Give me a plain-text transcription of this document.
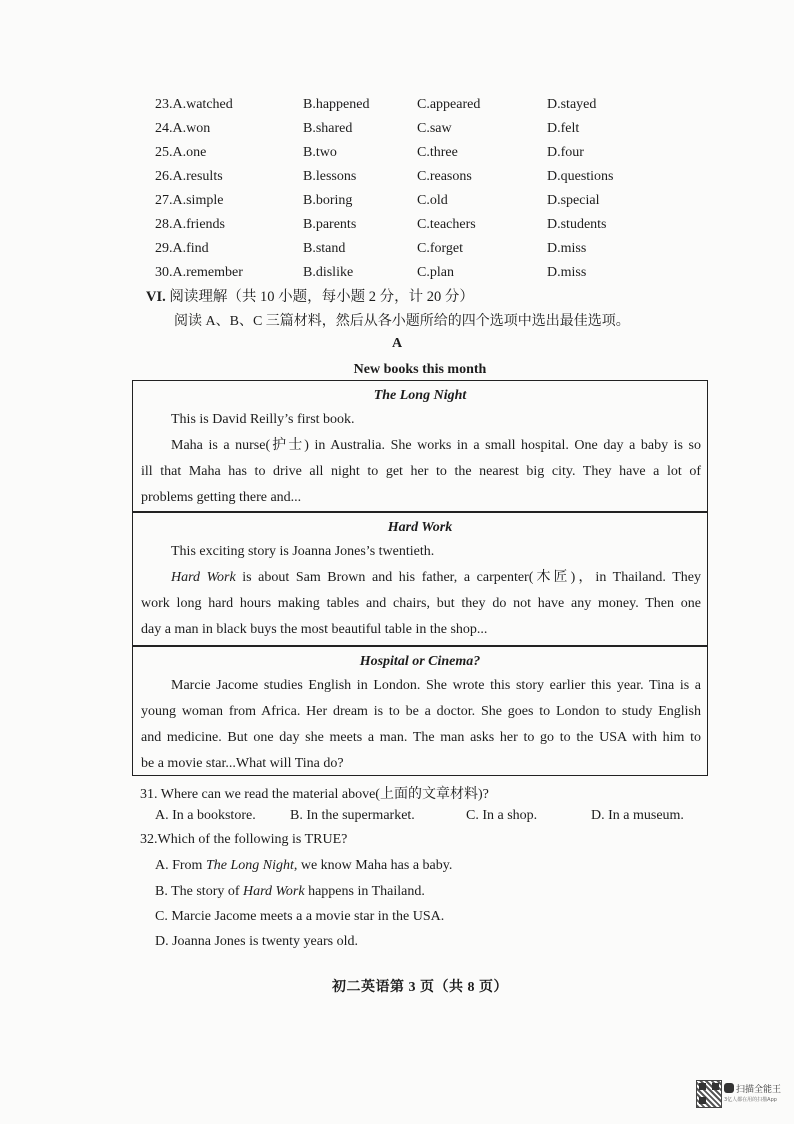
23.A.watched	B.happened	C.appeared	D.stayed
24.A.won	B.shared	C.saw	D.felt
25.A.one	B.two	C.three	D.four
26.A.results	B.lessons	C.reasons	D.questions
27.A.simple	B.boring	C.old	D.special
28.A.friends	B.parents	C.teachers	D.students
29.A.find	B.stand	C.forget	D.miss
30.A.remember	B.dislike	C.plan	D.miss
VI. 阅读理解（共 10 小题，每小题 2 分，计 20 分）
阅读 A、B、C 三篇材料，然后从各小题所给的四个选项中选出最佳选项。
A
New books this month
The Long Night
This is David Reilly’s first book.
Maha is a nurse(护士) in Australia. She works in a small hospital. One day a baby is so
ill that Maha has to drive all night to get her to the nearest big city. They have a lot of
problems getting there and...
Hard Work
This exciting story is Joanna Jones’s twentieth.
Hard Work is about Sam Brown and his father, a carpenter(木匠)，in Thailand. They
work long hard hours making tables and chairs, but they do not have any money. Then one
day a man in black buys the most beautiful table in the shop...
Hospital or Cinema?
Marcie Jacome studies English in London. She wrote this story earlier this year. Tina is a
young woman from Africa. Her dream is to be a doctor. She goes to London to study English
and medicine. But one day she meets a man. The man asks her to go to the USA with him to
be a movie star...What will Tina do?
31. Where can we read the material above(上面的文章材料)?
A. In a bookstore. B. In the supermarket.	C. In a shop.	D. In a museum.
32.Which of the following is TRUE?
A. From The Long Night, we know Maha has a baby.
B. The story of Hard Work happens in Thailand.
C. Marcie Jacome meets a a movie star in the USA.
D. Joanna Jones is twenty years old.
初二英语第 3 页（共 8 页）
扫描全能王
3亿人都在用的扫描App
